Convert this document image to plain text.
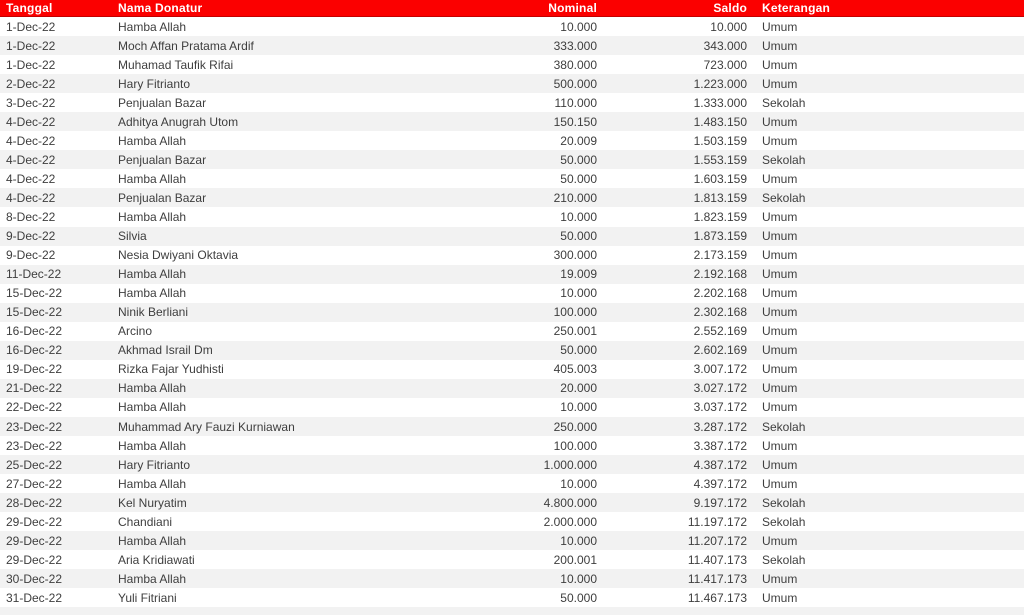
Tanggal	Nama Donatur	Nominal	Saldo	Keterangan
1-Dec-22	Hamba Allah	10.000	10.000	Umum
1-Dec-22	Moch Affan Pratama Ardif	333.000	343.000	Umum
1-Dec-22	Muhamad Taufik Rifai	380.000	723.000	Umum
2-Dec-22	Hary Fitrianto	500.000	1.223.000	Umum
3-Dec-22	Penjualan Bazar	110.000	1.333.000	Sekolah
4-Dec-22	Adhitya Anugrah Utom	150.150	1.483.150	Umum
4-Dec-22	Hamba Allah	20.009	1.503.159	Umum
4-Dec-22	Penjualan Bazar	50.000	1.553.159	Sekolah
4-Dec-22	Hamba Allah	50.000	1.603.159	Umum
4-Dec-22	Penjualan Bazar	210.000	1.813.159	Sekolah
8-Dec-22	Hamba Allah	10.000	1.823.159	Umum
9-Dec-22	Silvia	50.000	1.873.159	Umum
9-Dec-22	Nesia Dwiyani Oktavia	300.000	2.173.159	Umum
11-Dec-22	Hamba Allah	19.009	2.192.168	Umum
15-Dec-22	Hamba Allah	10.000	2.202.168	Umum
15-Dec-22	Ninik Berliani	100.000	2.302.168	Umum
16-Dec-22	Arcino	250.001	2.552.169	Umum
16-Dec-22	Akhmad Israil Dm	50.000	2.602.169	Umum
19-Dec-22	Rizka Fajar Yudhisti	405.003	3.007.172	Umum
21-Dec-22	Hamba Allah	20.000	3.027.172	Umum
22-Dec-22	Hamba Allah	10.000	3.037.172	Umum
23-Dec-22	Muhammad Ary Fauzi Kurniawan	250.000	3.287.172	Sekolah
23-Dec-22	Hamba Allah	100.000	3.387.172	Umum
25-Dec-22	Hary Fitrianto	1.000.000	4.387.172	Umum
27-Dec-22	Hamba Allah	10.000	4.397.172	Umum
28-Dec-22	Kel Nuryatim	4.800.000	9.197.172	Sekolah
29-Dec-22	Chandiani	2.000.000	11.197.172	Sekolah
29-Dec-22	Hamba Allah	10.000	11.207.172	Umum
29-Dec-22	Aria Kridiawati	200.001	11.407.173	Sekolah
30-Dec-22	Hamba Allah	10.000	11.417.173	Umum
31-Dec-22	Yuli Fitriani	50.000	11.467.173	Umum
